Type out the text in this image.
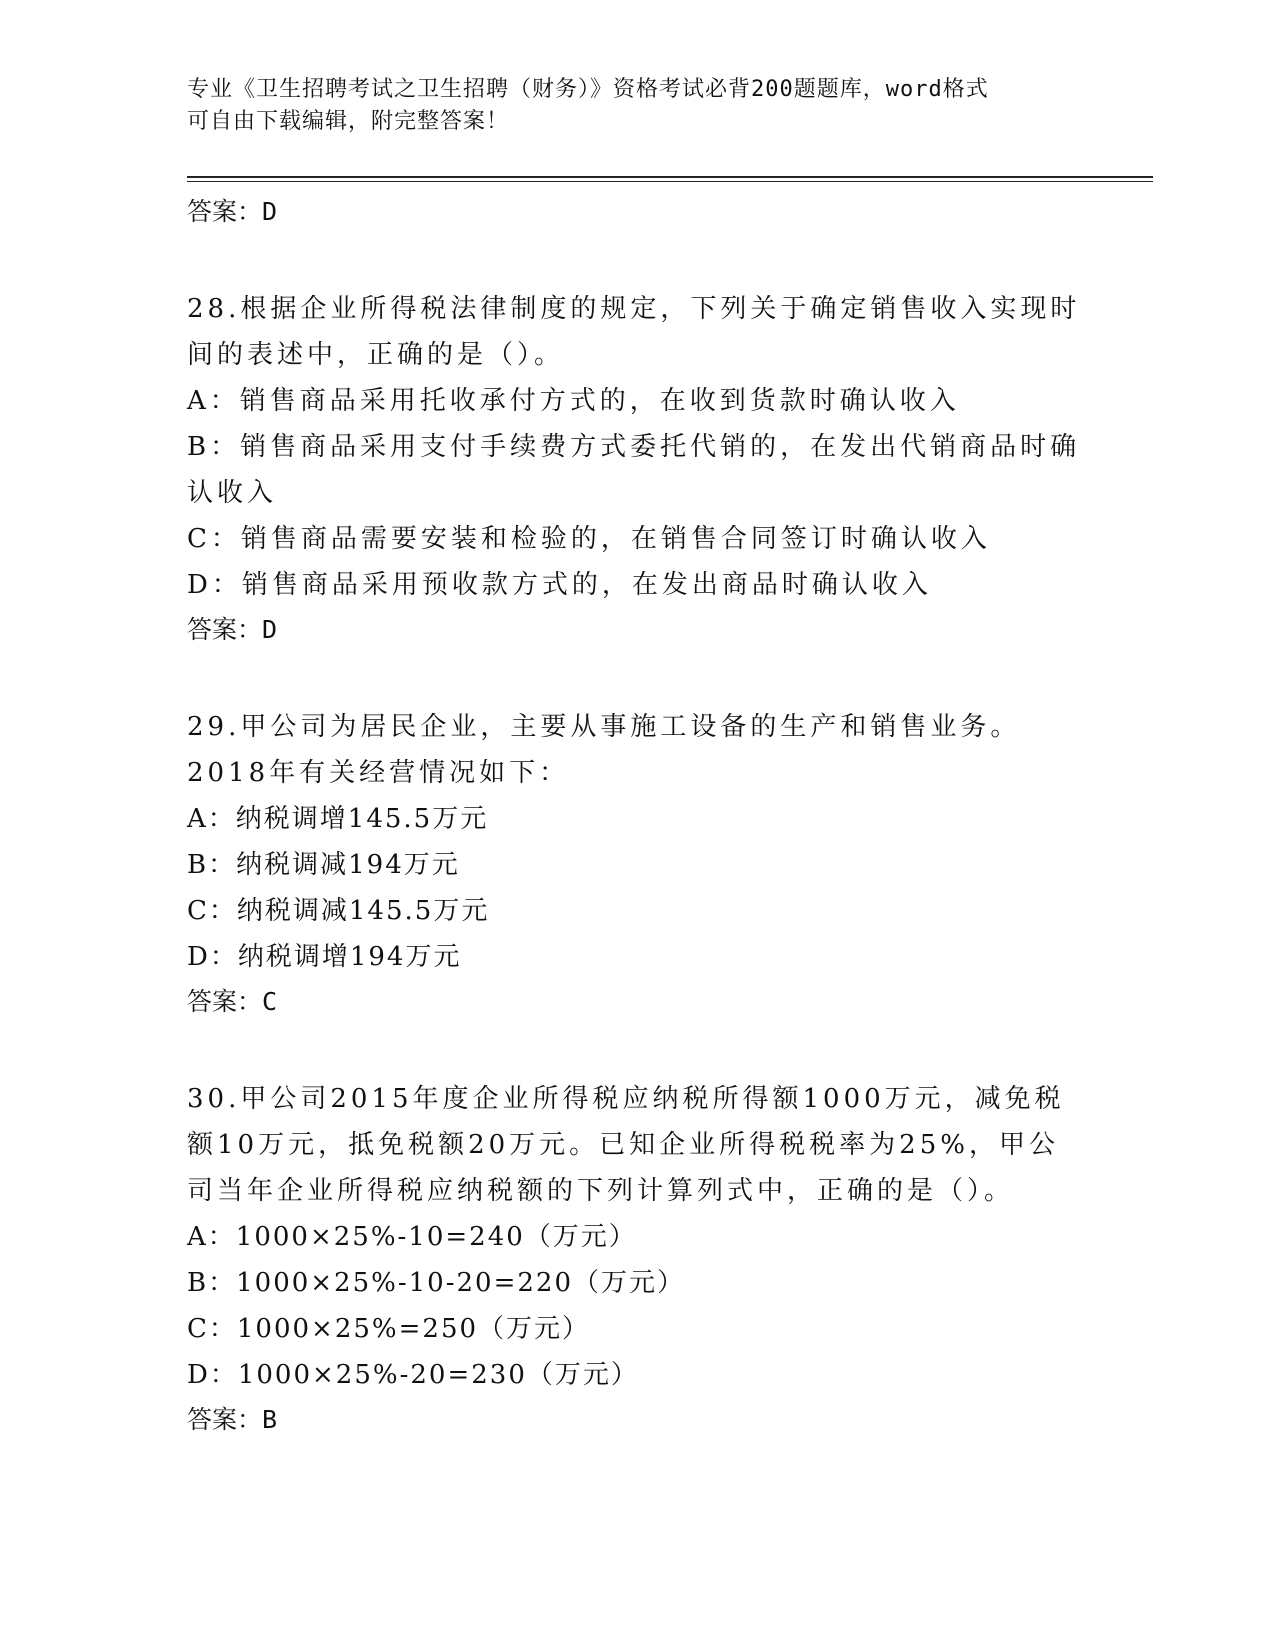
专业《卫生招聘考试之卫生招聘（财务）》资格考试必背200题题库，word格式
可自由下载编辑，附完整答案！
答案：D
28.根据企业所得税法律制度的规定，下列关于确定销售收入实现时间的表述中，正确的是（）。
A：销售商品采用托收承付方式的，在收到货款时确认收入
B：销售商品采用支付手续费方式委托代销的，在发出代销商品时确认收入
C：销售商品需要安装和检验的，在销售合同签订时确认收入
D：销售商品采用预收款方式的，在发出商品时确认收入
答案：D
29.甲公司为居民企业，主要从事施工设备的生产和销售业务。2018年有关经营情况如下：
A：纳税调增145.5万元
B：纳税调减194万元
C：纳税调减145.5万元
D：纳税调增194万元
答案：C
30.甲公司2015年度企业所得税应纳税所得额1000万元，减免税额10万元，抵免税额20万元。已知企业所得税税率为25%，甲公司当年企业所得税应纳税额的下列计算列式中，正确的是（）。
A：1000×25%-10=240（万元）
B：1000×25%-10-20=220（万元）
C：1000×25%=250（万元）
D：1000×25%-20=230（万元）
答案：B
